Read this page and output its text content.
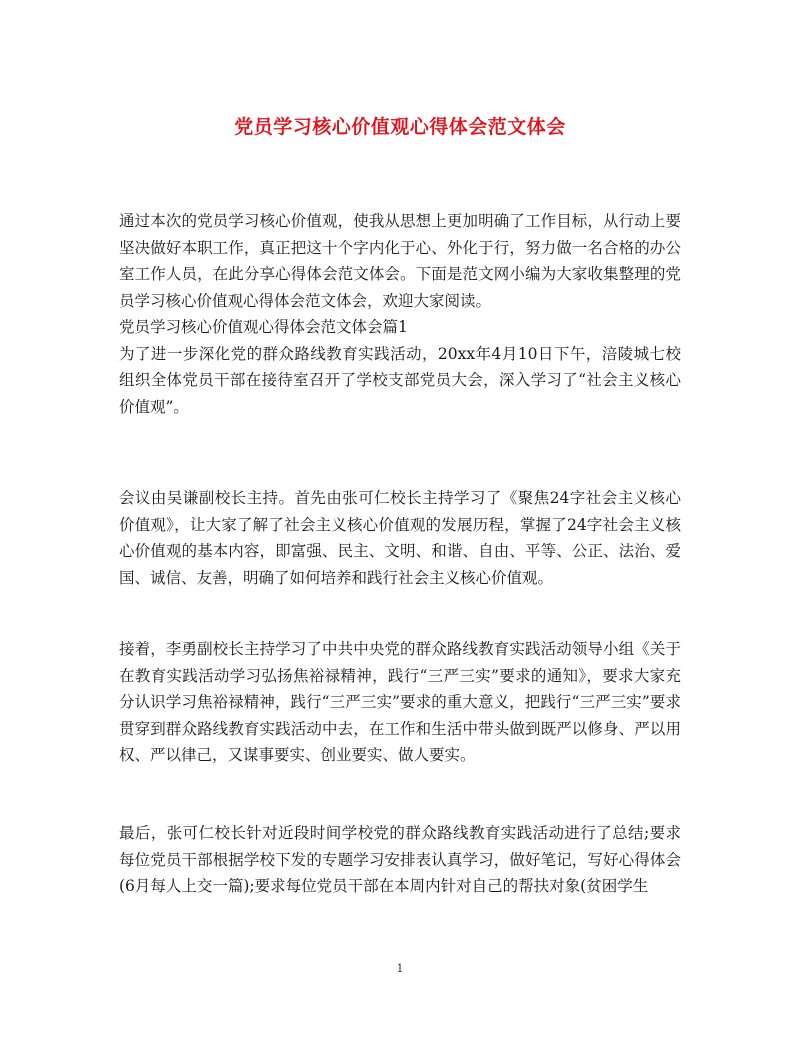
党员学习核心价值观心得体会范文体会

通过本次的党员学习核心价值观，使我从思想上更加明确了工作目标，从行动上要坚决做好本职工作，真正把这十个字内化于心、外化于行，努力做一名合格的办公室工作人员，在此分享心得体会范文体会。下面是范文网小编为大家收集整理的党员学习核心价值观心得体会范文体会，欢迎大家阅读。

党员学习核心价值观心得体会范文体会篇1

为了进一步深化党的群众路线教育实践活动，20xx年4月10日下午，涪陵城七校组织全体党员干部在接待室召开了学校支部党员大会，深入学习了“社会主义核心价值观”。

会议由吴谦副校长主持。首先由张可仁校长主持学习了《聚焦24字社会主义核心价值观》，让大家了解了社会主义核心价值观的发展历程，掌握了24字社会主义核心价值观的基本内容，即富强、民主、文明、和谐、自由、平等、公正、法治、爱国、诚信、友善，明确了如何培养和践行社会主义核心价值观。

接着，李勇副校长主持学习了中共中央党的群众路线教育实践活动领导小组《关于在教育实践活动学习弘扬焦裕禄精神，践行“三严三实”要求的通知》，要求大家充分认识学习焦裕禄精神，践行“三严三实”要求的重大意义，把践行“三严三实”要求贯穿到群众路线教育实践活动中去，在工作和生活中带头做到既严以修身、严以用权、严以律己，又谋事要实、创业要实、做人要实。

最后，张可仁校长针对近段时间学校党的群众路线教育实践活动进行了总结;要求每位党员干部根据学校下发的专题学习安排表认真学习，做好笔记，写好心得体会(6月每人上交一篇);要求每位党员干部在本周内针对自己的帮扶对象(贫困学生

1
